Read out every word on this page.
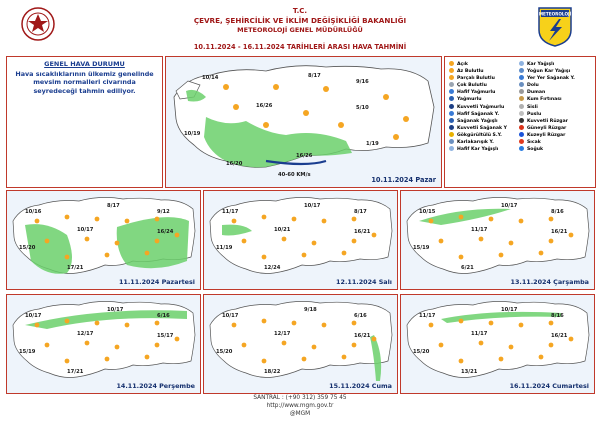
T.C.
ÇEVRE, ŞEHİRCİLİK VE İKLİM DEĞİŞİKLİĞİ BAKANLIĞI
METEOROLOJİ GENEL MÜDÜRLÜĞÜ
10.11.2024 - 16.11.2024 TARİHLERİ ARASI HAVA TAHMİNİ
METEOROLOJİ
GENEL HAVA DURUMU
Hava sıcaklıklarının ülkemiz genelinde mevsim normalleri civarında seyredeceği tahmin ediliyor.
40-60 KM/s
10/14	8/17
9/16
16/26	5/10
10/19
16/20
16/26
1/19
10.11.2024 Pazar
Açık
Az Bulutlu
Parçalı Bulutlu
Çok Bulutlu
Hafif Yağmurlu
Yağmurlu
Kuvvetli Yağmurlu
Hafif Sağanak Y.
Sağanak Yağışlı
Kuvvetli Sağanak Y
Gökgürültülü S.Y.
Karlakarışık Y.
Hafif Kar Yağışlı
Kar Yağışlı
Yoğun Kar Yağışı
Yer Yer Sağanak Y.
Dolu
Duman
Kum Fırtınası
Sisli
Puslu
Kuvvetli Rüzgar
Güneyli Rüzgar
Kuzeyli Rüzgar
Sıcak
Soğuk
10/16
8/17
9/12
10/17	16/24
15/20
17/21
11.11.2024 Pazartesi
11/17
10/17
8/17
10/21	16/21
11/19
12/24
12.11.2024 Salı
10/15
10/17
8/16
11/17	16/21
15/19
6/21
13.11.2024 Çarşamba
10/17
10/17
6/16
12/17	15/17
15/19
17/21
14.11.2024 Perşembe
10/17
9/18
6/16
12/17	16/21
15/20
18/22
15.11.2024 Cuma
11/17
10/17
8/16
11/17	16/21
15/20
13/21
16.11.2024 Cumartesi
SANTRAL : (+90 312) 359 75 45
http://www.mgm.gov.tr
@MGM
